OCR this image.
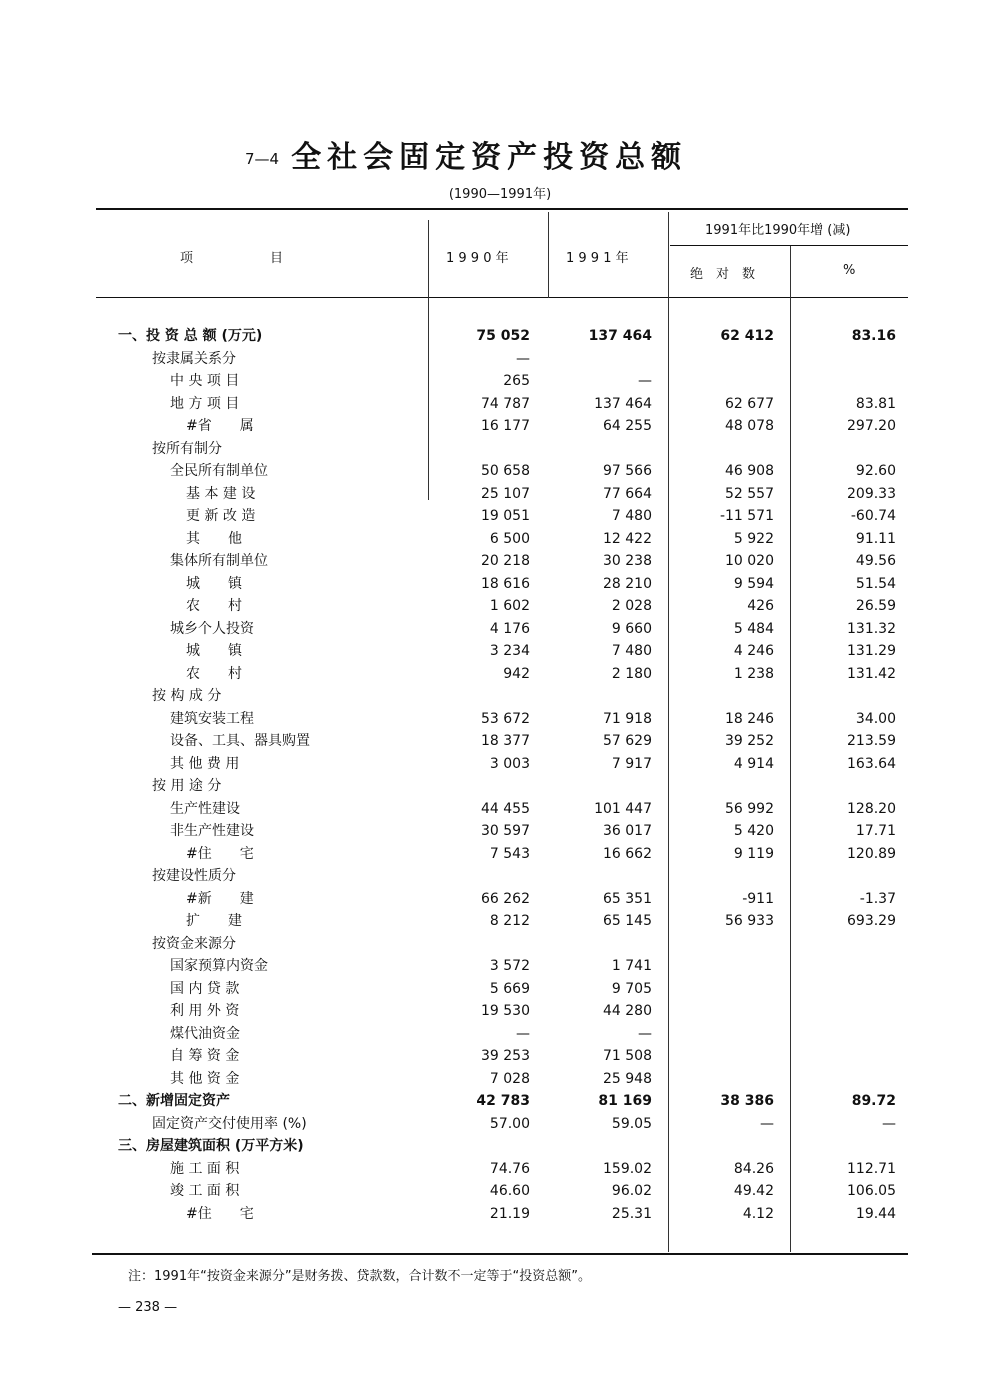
7—4 全社会固定资产投资总额
(1990—1991年)
项　　　　　目	1 9 9 0 年	1 9 9 1 年
1991年比1990年增 (减)
绝　对　数	%
一、投 资 总 额 (万元)	75 052	137 464	62 412	83.16
按隶属关系分	—
中 央 项 目	265	—
地 方 项 目	74 787	137 464	62 677	83.81
#省　　属	16 177	64 255	48 078	297.20
按所有制分
全民所有制单位	50 658	97 566	46 908	92.60
基 本 建 设	25 107	77 664	52 557	209.33
更 新 改 造	19 051	7 480	-11 571	-60.74
其　　他	6 500	12 422	5 922	91.11
集体所有制单位	20 218	30 238	10 020	49.56
城　　镇	18 616	28 210	9 594	51.54
农　　村	1 602	2 028	426	26.59
城乡个人投资	4 176	9 660	5 484	131.32
城　　镇	3 234	7 480	4 246	131.29
农　　村	942	2 180	1 238	131.42
按 构 成 分
建筑安装工程	53 672	71 918	18 246	34.00
设备、工具、器具购置	18 377	57 629	39 252	213.59
其 他 费 用	3 003	7 917	4 914	163.64
按 用 途 分
生产性建设	44 455	101 447	56 992	128.20
非生产性建设	30 597	36 017	5 420	17.71
#住　　宅	7 543	16 662	9 119	120.89
按建设性质分
#新　　建	66 262	65 351	-911	-1.37
扩　　建	8 212	65 145	56 933	693.29
按资金来源分
国家预算内资金	3 572	1 741
国 内 贷 款	5 669	9 705
利 用 外 资	19 530	44 280
煤代油资金	—	—
自 筹 资 金	39 253	71 508
其 他 资 金	7 028	25 948
二、新增固定资产	42 783	81 169	38 386	89.72
固定资产交付使用率 (%)	57.00	59.05	—	—
三、房屋建筑面积 (万平方米)
施 工 面 积	74.76	159.02	84.26	112.71
竣 工 面 积	46.60	96.02	49.42	106.05
#住　　宅	21.19	25.31	4.12	19.44
注：1991年“按资金来源分”是财务拨、贷款数，合计数不一定等于“投资总额”。
— 238 —
